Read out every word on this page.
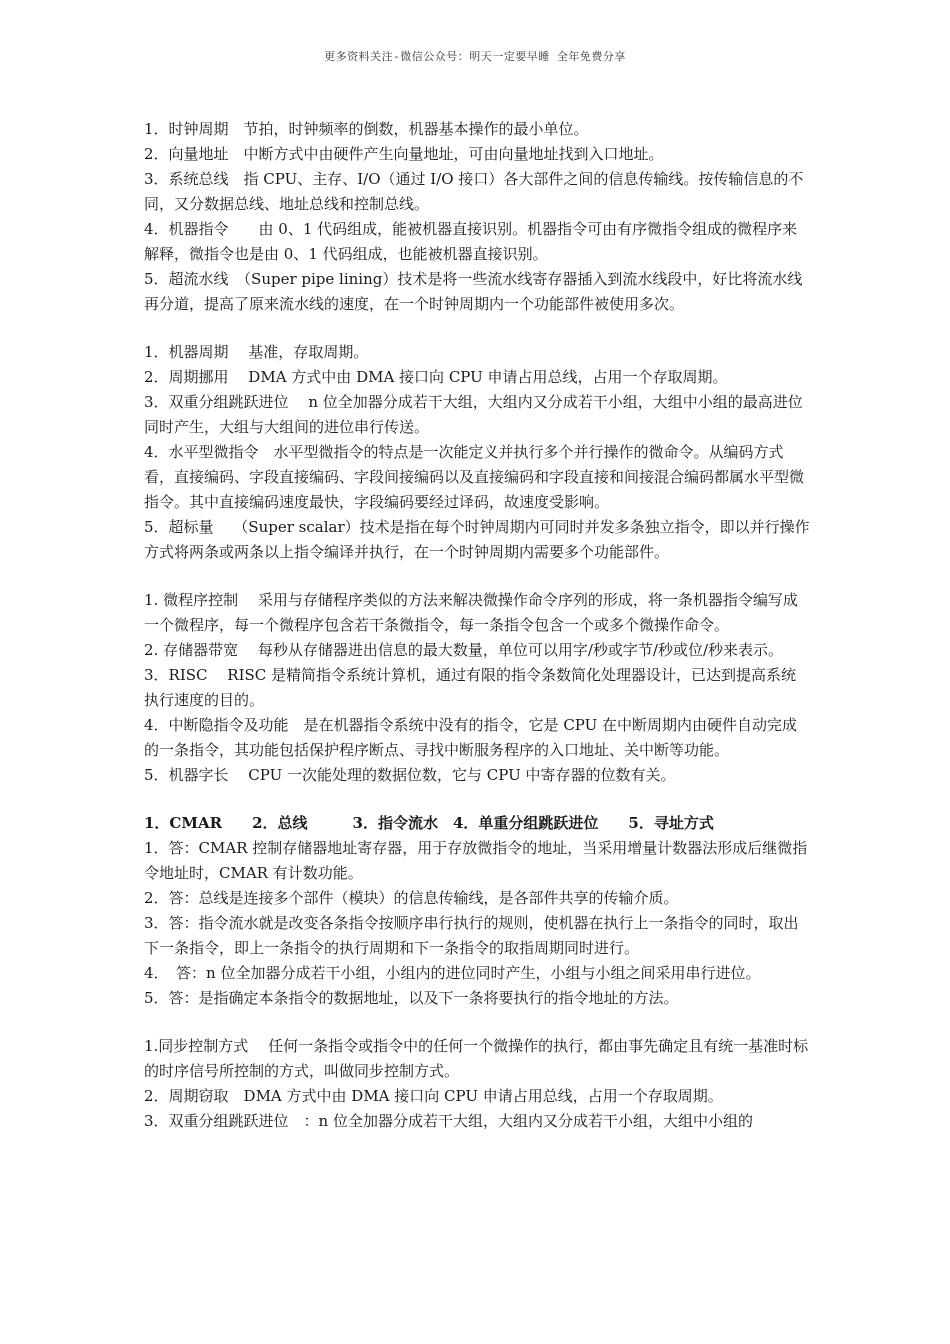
更多资料关注-微信公众号：明天一定要早睡 全年免费分享

1．时钟周期　节拍，时钟频率的倒数，机器基本操作的最小单位。

2．向量地址　中断方式中由硬件产生向量地址，可由向量地址找到入口地址。

3．系统总线　指 CPU、主存、I/O（通过 I/O 接口）各大部件之间的信息传输线。按传输信息的不同，又分数据总线、地址总线和控制总线。

4．机器指令　　由 0、1 代码组成，能被机器直接识别。机器指令可由有序微指令组成的微程序来解释，微指令也是由 0、1 代码组成，也能被机器直接识别。

5．超流水线　（Super pipe lining）技术是将一些流水线寄存器插入到流水线段中，好比将流水线再分道，提高了原来流水线的速度，在一个时钟周期内一个功能部件被使用多次。

1．机器周期　 基准，存取周期。

2．周期挪用　 DMA 方式中由 DMA 接口向 CPU 申请占用总线，占用一个存取周期。

3．双重分组跳跃进位　 n 位全加器分成若干大组，大组内又分成若干小组，大组中小组的最高进位同时产生，大组与大组间的进位串行传送。

4．水平型微指令　水平型微指令的特点是一次能定义并执行多个并行操作的微命令。从编码方式看，直接编码、字段直接编码、字段间接编码以及直接编码和字段直接和间接混合编码都属水平型微指令。其中直接编码速度最快，字段编码要经过译码，故速度受影响。

5．超标量　 （Super scalar）技术是指在每个时钟周期内可同时并发多条独立指令，即以并行操作方式将两条或两条以上指令编译并执行，在一个时钟周期内需要多个功能部件。

1. 微程序控制　 采用与存储程序类似的方法来解决微操作命令序列的形成，将一条机器指令编写成一个微程序，每一个微程序包含若干条微指令，每一条指令包含一个或多个微操作命令。

2. 存储器带宽　 每秒从存储器进出信息的最大数量，单位可以用字/秒或字节/秒或位/秒来表示。

3．RISC　 RISC 是精简指令系统计算机，通过有限的指令条数简化处理器设计，已达到提高系统执行速度的目的。

4．中断隐指令及功能　是在机器指令系统中没有的指令，它是 CPU 在中断周期内由硬件自动完成的一条指令，其功能包括保护程序断点、寻找中断服务程序的入口地址、关中断等功能。

5．机器字长　 CPU 一次能处理的数据位数，它与 CPU 中寄存器的位数有关。

1．CMAR　　2．总线　　　3．指令流水　4．单重分组跳跃进位　　5．寻址方式

1．答：CMAR 控制存储器地址寄存器，用于存放微指令的地址，当采用增量计数器法形成后继微指令地址时，CMAR 有计数功能。

2．答：总线是连接多个部件（模块）的信息传输线，是各部件共享的传输介质。

3．答：指令流水就是改变各条指令按顺序串行执行的规则，使机器在执行上一条指令的同时，取出下一条指令，即上一条指令的执行周期和下一条指令的取指周期同时进行。

4．　答：n 位全加器分成若干小组，小组内的进位同时产生，小组与小组之间采用串行进位。

5．答：是指确定本条指令的数据地址，以及下一条将要执行的指令地址的方法。

1.同步控制方式　 任何一条指令或指令中的任何一个微操作的执行，都由事先确定且有统一基准时标的时序信号所控制的方式，叫做同步控制方式。

2．周期窃取　DMA 方式中由 DMA 接口向 CPU 申请占用总线，占用一个存取周期。

3．双重分组跳跃进位　：n 位全加器分成若干大组，大组内又分成若干小组，大组中小组的
